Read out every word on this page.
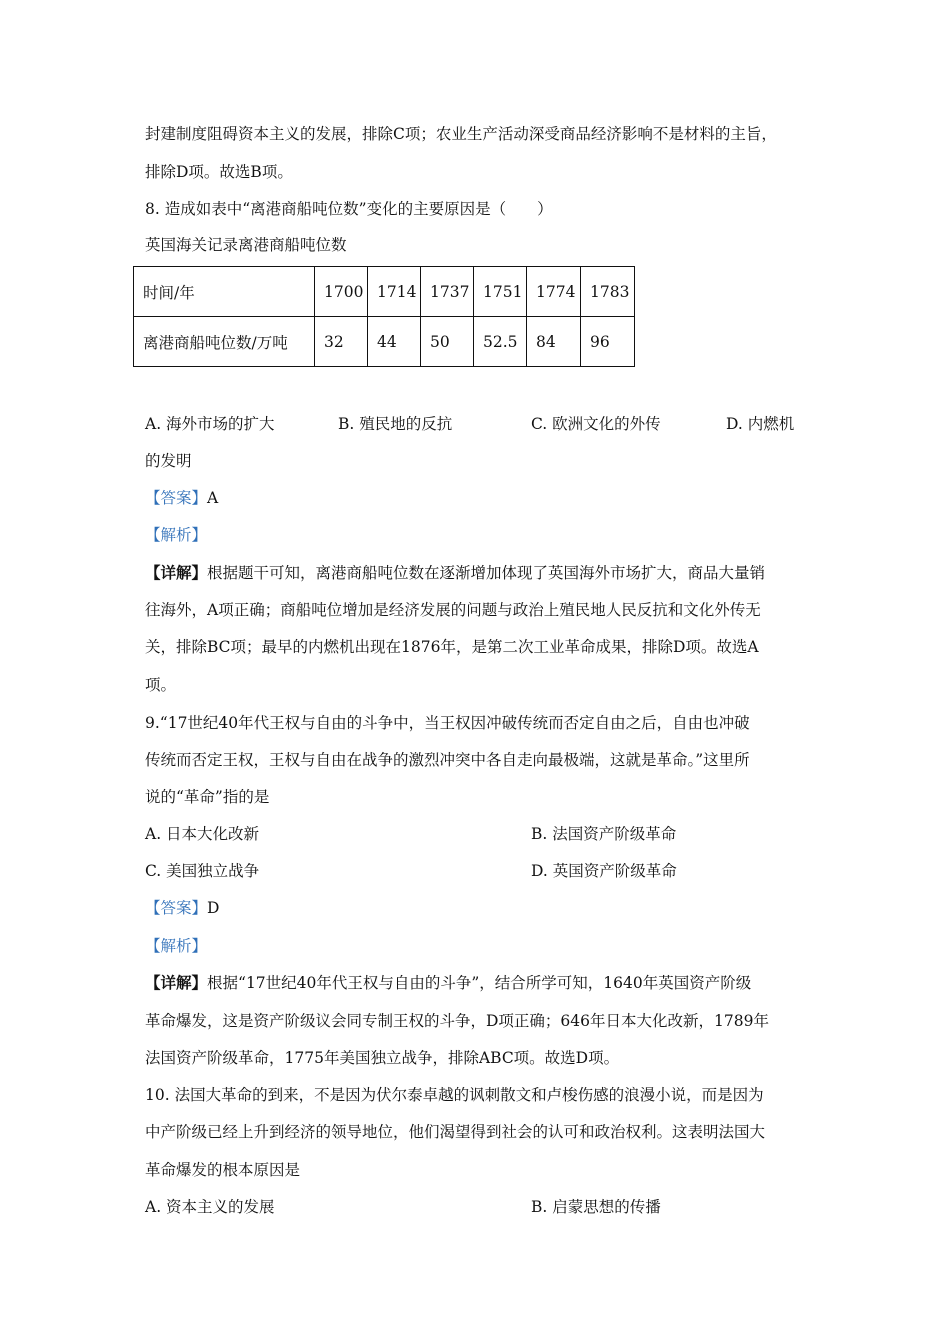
封建制度阻碍资本主义的发展，排除C项；农业生产活动深受商品经济影响不是材料的主旨，
排除D项。故选B项。
8. 造成如表中“离港商船吨位数”变化的主要原因是（　　）
英国海关记录离港商船吨位数
时间/年	1700	1714	1737	1751	1774	1783
离港商船吨位数/万吨	32	44	50	52.5	84	96
A. 海外市场的扩大	B. 殖民地的反抗	C. 欧洲文化的外传	D. 内燃机
的发明
【答案】A
【解析】
【详解】根据题干可知，离港商船吨位数在逐渐增加体现了英国海外市场扩大，商品大量销
往海外，A项正确；商船吨位增加是经济发展的问题与政治上殖民地人民反抗和文化外传无
关，排除BC项；最早的内燃机出现在1876年，是第二次工业革命成果，排除D项。故选A
项。
9.“17世纪40年代王权与自由的斗争中，当王权因冲破传统而否定自由之后，自由也冲破
传统而否定王权，王权与自由在战争的激烈冲突中各自走向最极端，这就是革命。”这里所
说的“革命”指的是
A. 日本大化改新	B. 法国资产阶级革命
C. 美国独立战争	D. 英国资产阶级革命
【答案】D
【解析】
【详解】根据“17世纪40年代王权与自由的斗争”，结合所学可知，1640年英国资产阶级
革命爆发，这是资产阶级议会同专制王权的斗争，D项正确；646年日本大化改新，1789年
法国资产阶级革命，1775年美国独立战争，排除ABC项。故选D项。
10. 法国大革命的到来，不是因为伏尔泰卓越的讽刺散文和卢梭伤感的浪漫小说，而是因为
中产阶级已经上升到经济的领导地位，他们渴望得到社会的认可和政治权利。这表明法国大
革命爆发的根本原因是
A. 资本主义的发展	B. 启蒙思想的传播
